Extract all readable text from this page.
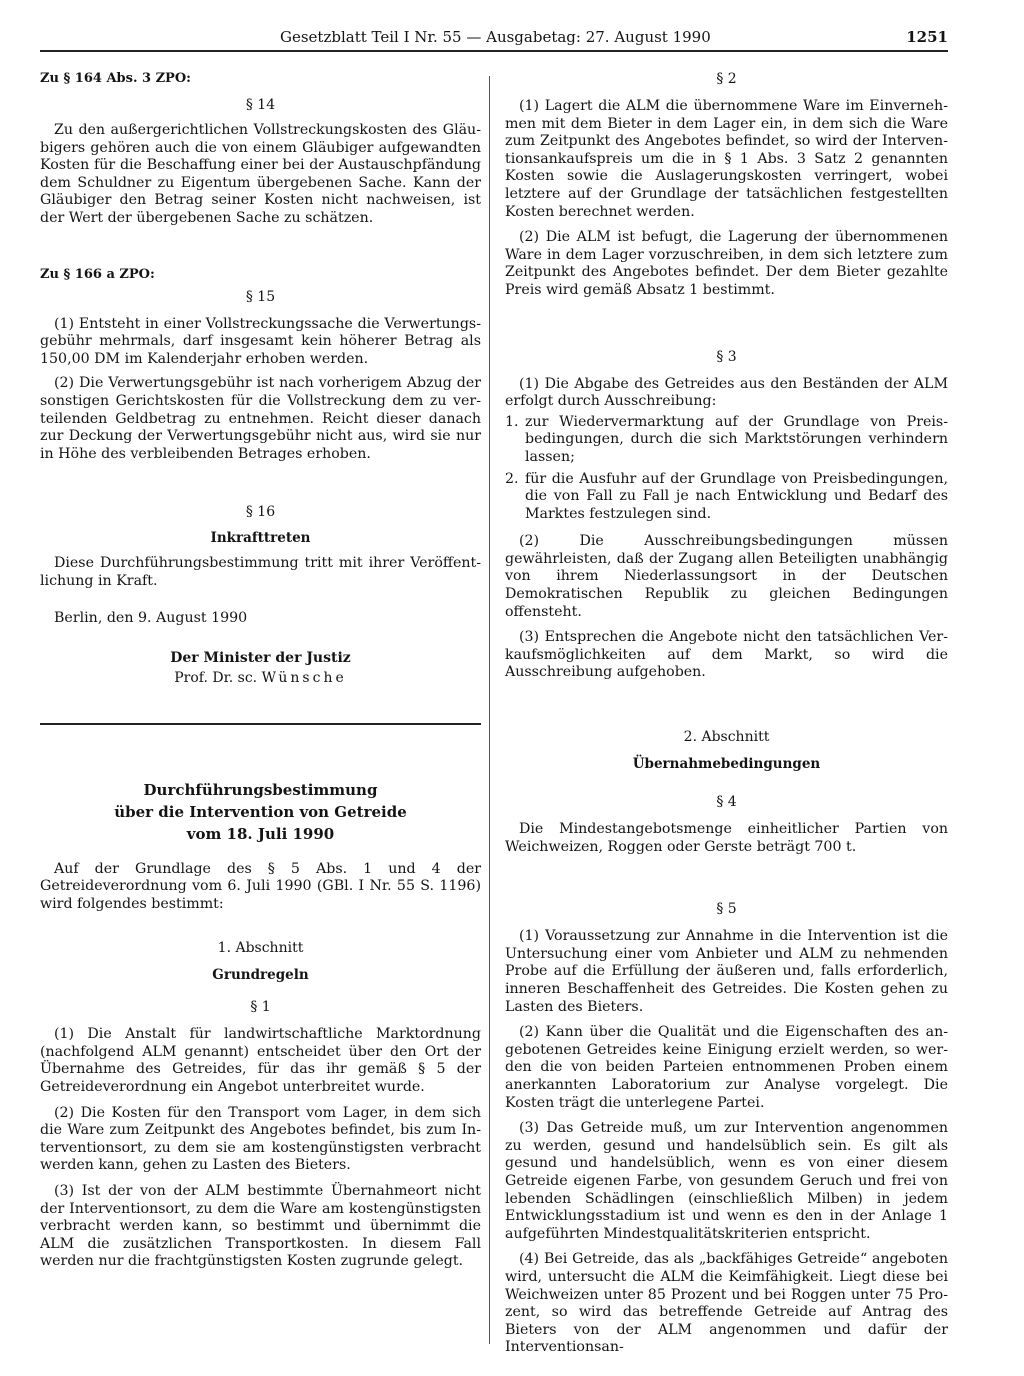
Gesetzblatt Teil I Nr. 55 — Ausgabetag: 27. August 1990	1251
Zu § 164 Abs. 3 ZPO:
§ 14
Zu den außergerichtlichen Vollstreckungskosten des Gläubigers gehören auch die von einem Gläubiger aufgewandten Kosten für die Beschaffung einer bei der Austauschpfändung dem Schuldner zu Eigentum übergebenen Sache. Kann der Gläubiger den Betrag seiner Kosten nicht nachweisen, ist der Wert der übergebenen Sache zu schätzen.
Zu § 166 a ZPO:
§ 15
(1) Entsteht in einer Vollstreckungssache die Verwertungsgebühr mehrmals, darf insgesamt kein höherer Betrag als 150,00 DM im Kalenderjahr erhoben werden.
(2) Die Verwertungsgebühr ist nach vorherigem Abzug der sonstigen Gerichtskosten für die Vollstreckung dem zu verteilenden Geldbetrag zu entnehmen. Reicht dieser danach zur Deckung der Verwertungsgebühr nicht aus, wird sie nur in Höhe des verbleibenden Betrages erhoben.
§ 16
Inkrafttreten
Diese Durchführungsbestimmung tritt mit ihrer Veröffentlichung in Kraft.
Berlin, den 9. August 1990
Der Minister der Justiz
Prof. Dr. sc. Wünsche
Durchführungsbestimmung
über die Intervention von Getreide
vom 18. Juli 1990
Auf der Grundlage des § 5 Abs. 1 und 4 der Getreideverordnung vom 6. Juli 1990 (GBl. I Nr. 55 S. 1196) wird folgendes bestimmt:
1. Abschnitt
Grundregeln
§ 1
(1) Die Anstalt für landwirtschaftliche Marktordnung (nachfolgend ALM genannt) entscheidet über den Ort der Übernahme des Getreides, für das ihr gemäß § 5 der Getreideverordnung ein Angebot unterbreitet wurde.
(2) Die Kosten für den Transport vom Lager, in dem sich die Ware zum Zeitpunkt des Angebotes befindet, bis zum Interventionsort, zu dem sie am kostengünstigsten verbracht werden kann, gehen zu Lasten des Bieters.
(3) Ist der von der ALM bestimmte Übernahmeort nicht der Interventionsort, zu dem die Ware am kostengünstigsten verbracht werden kann, so bestimmt und übernimmt die ALM die zusätzlichen Transportkosten. In diesem Fall werden nur die frachtgünstigsten Kosten zugrunde gelegt.
§ 2
(1) Lagert die ALM die übernommene Ware im Einvernehmen mit dem Bieter in dem Lager ein, in dem sich die Ware zum Zeitpunkt des Angebotes befindet, so wird der Interventionsankaufspreis um die in § 1 Abs. 3 Satz 2 genannten Kosten sowie die Auslagerungskosten verringert, wobei letztere auf der Grundlage der tatsächlichen festgestellten Kosten berechnet werden.
(2) Die ALM ist befugt, die Lagerung der übernommenen Ware in dem Lager vorzuschreiben, in dem sich letztere zum Zeitpunkt des Angebotes befindet. Der dem Bieter gezahlte Preis wird gemäß Absatz 1 bestimmt.
§ 3
(1) Die Abgabe des Getreides aus den Beständen der ALM erfolgt durch Ausschreibung:
1. zur Wiedervermarktung auf der Grundlage von Preisbedingungen, durch die sich Marktstörungen verhindern lassen;
2. für die Ausfuhr auf der Grundlage von Preisbedingungen, die von Fall zu Fall je nach Entwicklung und Bedarf des Marktes festzulegen sind.
(2) Die Ausschreibungsbedingungen müssen gewährleisten, daß der Zugang allen Beteiligten unabhängig von ihrem Niederlassungsort in der Deutschen Demokratischen Republik zu gleichen Bedingungen offensteht.
(3) Entsprechen die Angebote nicht den tatsächlichen Verkaufsmöglichkeiten auf dem Markt, so wird die Ausschreibung aufgehoben.
2. Abschnitt
Übernahmebedingungen
§ 4
Die Mindestangebotsmenge einheitlicher Partien von Weichweizen, Roggen oder Gerste beträgt 700 t.
§ 5
(1) Voraussetzung zur Annahme in die Intervention ist die Untersuchung einer vom Anbieter und ALM zu nehmenden Probe auf die Erfüllung der äußeren und, falls erforderlich, inneren Beschaffenheit des Getreides. Die Kosten gehen zu Lasten des Bieters.
(2) Kann über die Qualität und die Eigenschaften des angebotenen Getreides keine Einigung erzielt werden, so werden die von beiden Parteien entnommenen Proben einem anerkannten Laboratorium zur Analyse vorgelegt. Die Kosten trägt die unterlegene Partei.
(3) Das Getreide muß, um zur Intervention angenommen zu werden, gesund und handelsüblich sein. Es gilt als gesund und handelsüblich, wenn es von einer diesem Getreide eigenen Farbe, von gesundem Geruch und frei von lebenden Schädlingen (einschließlich Milben) in jedem Entwicklungsstadium ist und wenn es den in der Anlage 1 aufgeführten Mindestqualitätskriterien entspricht.
(4) Bei Getreide, das als „backfähiges Getreide“ angeboten wird, untersucht die ALM die Keimfähigkeit. Liegt diese bei Weichweizen unter 85 Prozent und bei Roggen unter 75 Prozent, so wird das betreffende Getreide auf Antrag des Bieters von der ALM angenommen und dafür der Interventionsan-
